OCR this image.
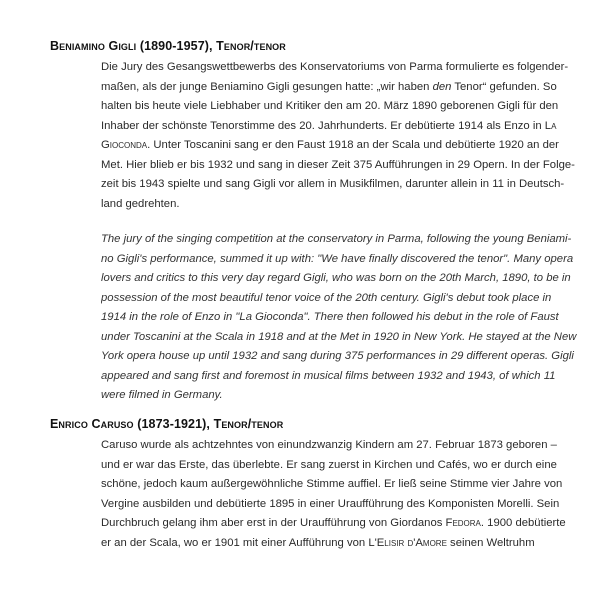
Beniamino Gigli (1890-1957), Tenor/tenor
Die Jury des Gesangswettbewerbs des Konservatoriums von Parma formulierte es folgender-
maßen, als der junge Beniamino Gigli gesungen hatte: „wir haben den Tenor“ gefunden. So
halten bis heute viele Liebhaber und Kritiker den am 20. März 1890 geborenen Gigli für den
Inhaber der schönste Tenorstimme des 20. Jahrhunderts. Er debütierte 1914 als Enzo in La
Gioconda. Unter Toscanini sang er den Faust 1918 an der Scala und debütierte 1920 an der
Met. Hier blieb er bis 1932 und sang in dieser Zeit 375 Aufführungen in 29 Opern. In der Folge-
zeit bis 1943 spielte und sang Gigli vor allem in Musikfilmen, darunter allein in 11 in Deutsch-
land gedrehten.
The jury of the singing competition at the conservatory in Parma, following the young Beniami-
no Gigli's performance, summed it up with: "We have finally discovered the tenor". Many opera
lovers and critics to this very day regard Gigli, who was born on the 20th March, 1890, to be in
possession of the most beautiful tenor voice of the 20th century. Gigli's debut took place in
1914 in the role of Enzo in "La Gioconda". There then followed his debut in the role of Faust
under Toscanini at the Scala in 1918 and at the Met in 1920 in New York. He stayed at the New
York opera house up until 1932 and sang during 375 performances in 29 different operas. Gigli
appeared and sang first and foremost in musical films between 1932 and 1943, of which 11
were filmed in Germany.
Enrico Caruso (1873-1921), Tenor/tenor
Caruso wurde als achtzehntes von einundzwanzig Kindern am 27. Februar 1873 geboren –
und er war das Erste, das überlebte. Er sang zuerst in Kirchen und Cafés, wo er durch eine
schöne, jedoch kaum außergewöhnliche Stimme auffiel. Er ließ seine Stimme vier Jahre von
Vergine ausbilden und debütierte 1895 in einer Uraufführung des Komponisten Morelli. Sein
Durchbruch gelang ihm aber erst in der Uraufführung von Giordanos Fedora. 1900 debütierte
er an der Scala, wo er 1901 mit einer Aufführung von L'Elisir d'Amore seinen Weltruhm
